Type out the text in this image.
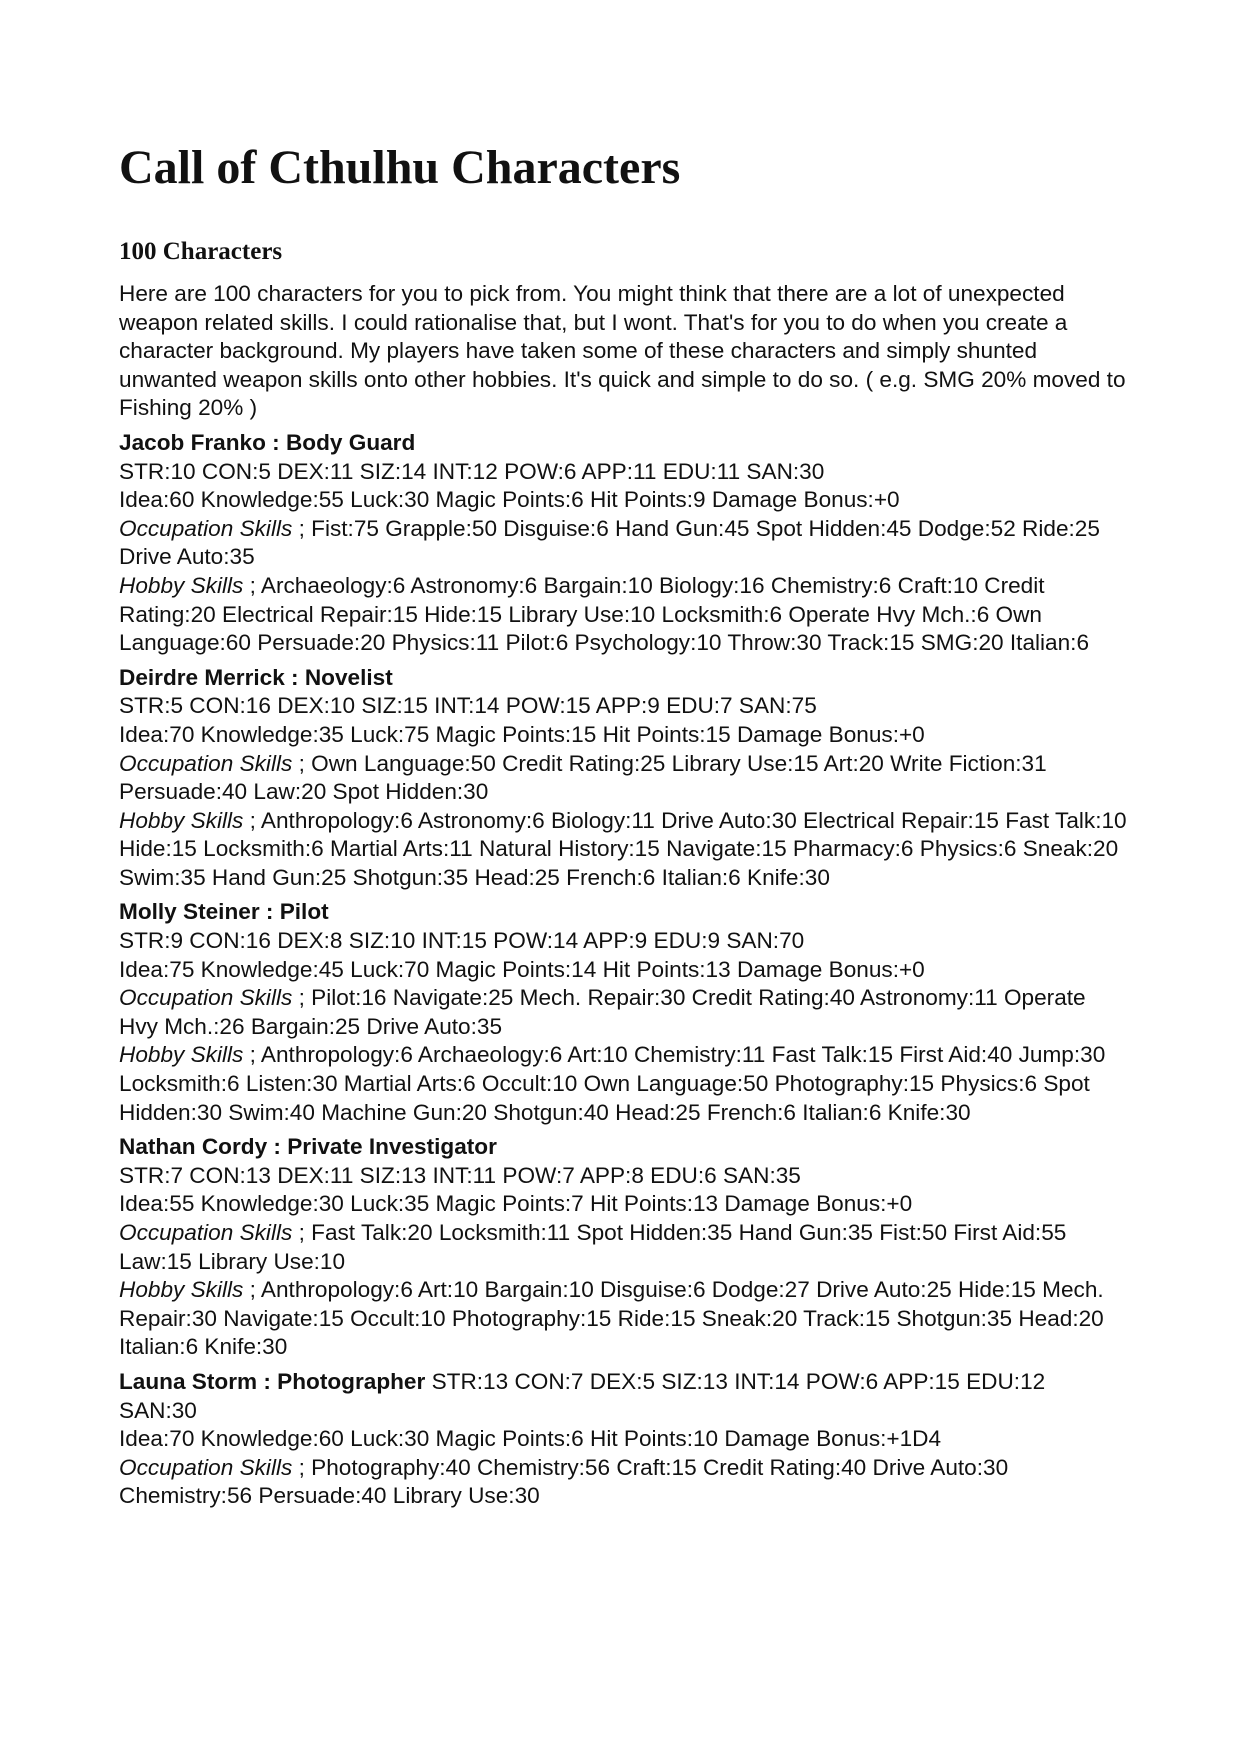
Call of Cthulhu Characters
100 Characters

Here are 100 characters for you to pick from. You might think that there are a lot of unexpected weapon related skills. I could rationalise that, but I wont. That's for you to do when you create a character background. My players have taken some of these characters and simply shunted unwanted weapon skills onto other hobbies. It's quick and simple to do so. ( e.g. SMG 20% moved to Fishing 20% )

Jacob Franko : Body Guard

STR:10 CON:5 DEX:11 SIZ:14 INT:12 POW:6 APP:11 EDU:11 SAN:30

Idea:60 Knowledge:55 Luck:30 Magic Points:6 Hit Points:9 Damage Bonus:+0

Occupation Skills ; Fist:75 Grapple:50 Disguise:6 Hand Gun:45 Spot Hidden:45 Dodge:52 Ride:25 Drive Auto:35

Hobby Skills ; Archaeology:6 Astronomy:6 Bargain:10 Biology:16 Chemistry:6 Craft:10 Credit Rating:20 Electrical Repair:15 Hide:15 Library Use:10 Locksmith:6 Operate Hvy Mch.:6 Own Language:60 Persuade:20 Physics:11 Pilot:6 Psychology:10 Throw:30 Track:15 SMG:20 Italian:6

Deirdre Merrick : Novelist

STR:5 CON:16 DEX:10 SIZ:15 INT:14 POW:15 APP:9 EDU:7 SAN:75

Idea:70 Knowledge:35 Luck:75 Magic Points:15 Hit Points:15 Damage Bonus:+0

Occupation Skills ; Own Language:50 Credit Rating:25 Library Use:15 Art:20 Write Fiction:31 Persuade:40 Law:20 Spot Hidden:30

Hobby Skills ; Anthropology:6 Astronomy:6 Biology:11 Drive Auto:30 Electrical Repair:15 Fast Talk:10 Hide:15 Locksmith:6 Martial Arts:11 Natural History:15 Navigate:15 Pharmacy:6 Physics:6 Sneak:20 Swim:35 Hand Gun:25 Shotgun:35 Head:25 French:6 Italian:6 Knife:30

Molly Steiner : Pilot

STR:9 CON:16 DEX:8 SIZ:10 INT:15 POW:14 APP:9 EDU:9 SAN:70

Idea:75 Knowledge:45 Luck:70 Magic Points:14 Hit Points:13 Damage Bonus:+0

Occupation Skills ; Pilot:16 Navigate:25 Mech. Repair:30 Credit Rating:40 Astronomy:11 Operate Hvy Mch.:26 Bargain:25 Drive Auto:35

Hobby Skills ; Anthropology:6 Archaeology:6 Art:10 Chemistry:11 Fast Talk:15 First Aid:40 Jump:30 Locksmith:6 Listen:30 Martial Arts:6 Occult:10 Own Language:50 Photography:15 Physics:6 Spot Hidden:30 Swim:40 Machine Gun:20 Shotgun:40 Head:25 French:6 Italian:6 Knife:30

Nathan Cordy : Private Investigator

STR:7 CON:13 DEX:11 SIZ:13 INT:11 POW:7 APP:8 EDU:6 SAN:35

Idea:55 Knowledge:30 Luck:35 Magic Points:7 Hit Points:13 Damage Bonus:+0

Occupation Skills ; Fast Talk:20 Locksmith:11 Spot Hidden:35 Hand Gun:35 Fist:50 First Aid:55 Law:15 Library Use:10

Hobby Skills ; Anthropology:6 Art:10 Bargain:10 Disguise:6 Dodge:27 Drive Auto:25 Hide:15 Mech. Repair:30 Navigate:15 Occult:10 Photography:15 Ride:15 Sneak:20 Track:15 Shotgun:35 Head:20 Italian:6 Knife:30

Launa Storm : Photographer STR:13 CON:7 DEX:5 SIZ:13 INT:14 POW:6 APP:15 EDU:12 SAN:30

Idea:70 Knowledge:60 Luck:30 Magic Points:6 Hit Points:10 Damage Bonus:+1D4

Occupation Skills ; Photography:40 Chemistry:56 Craft:15 Credit Rating:40 Drive Auto:30 Chemistry:56 Persuade:40 Library Use:30
